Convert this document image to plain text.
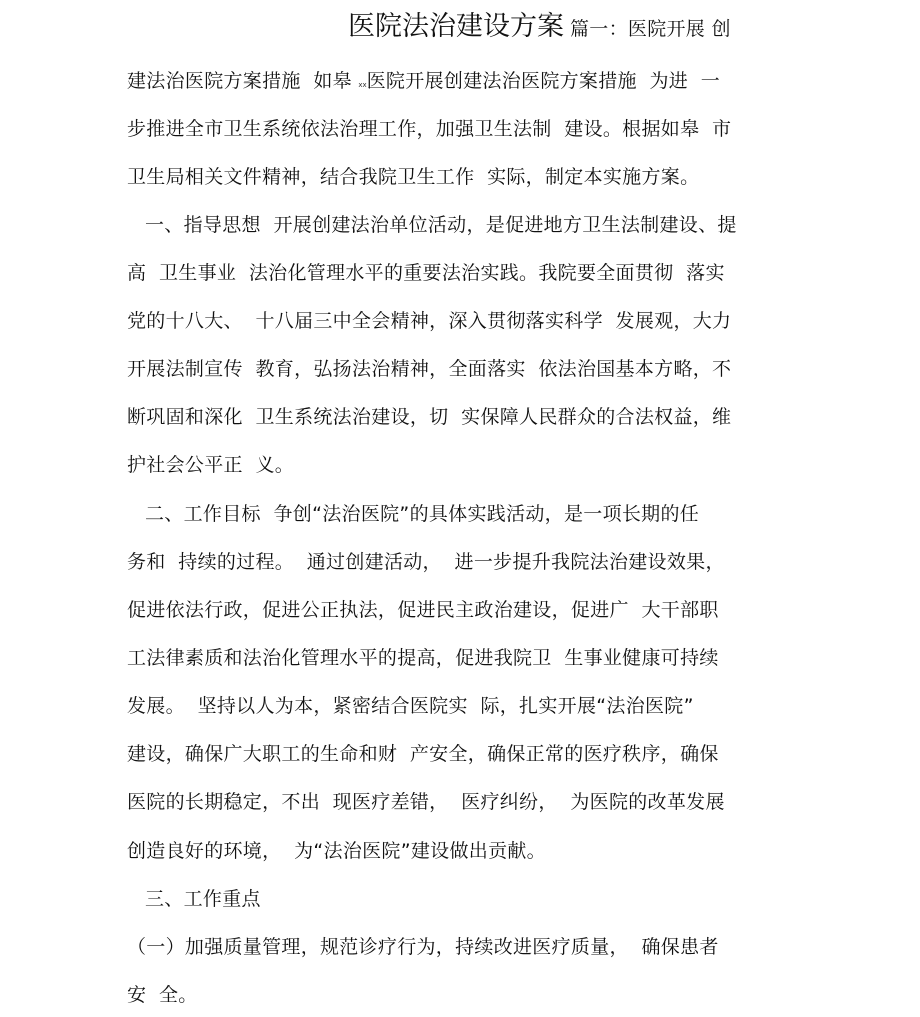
医院法治建设方案 篇一：医院开展 创
建法治医院方案措施  如皋 xx医院开展创建法治医院方案措施  为进  一
步推进全市卫生系统依法治理工作，加强卫生法制  建设。根据如皋  市
卫生局相关文件精神，结合我院卫生工作  实际，制定本实施方案。
一、指导思想  开展创建法治单位活动，是促进地方卫生法制建设、提
高  卫生事业  法治化管理水平的重要法治实践。我院要全面贯彻  落实
党的十八大、  十八届三中全会精神，深入贯彻落实科学  发展观，大力
开展法制宣传  教育，弘扬法治精神，全面落实  依法治国基本方略，不
断巩固和深化  卫生系统法治建设，切  实保障人民群众的合法权益，维
护社会公平正  义。
二、工作目标  争创“法治医院”的具体实践活动，是一项长期的任
务和  持续的过程。  通过创建活动，  进一步提升我院法治建设效果，
促进依法行政，促进公正执法，促进民主政治建设，促进广  大干部职
工法律素质和法治化管理水平的提高，促进我院卫  生事业健康可持续
发展。  坚持以人为本，紧密结合医院实  际，扎实开展“法治医院”
建设，确保广大职工的生命和财  产安全，确保正常的医疗秩序，确保
医院的长期稳定，不出  现医疗差错，  医疗纠纷，  为医院的改革发展
创造良好的环境，  为“法治医院”建设做出贡献。
三、工作重点
（一）加强质量管理，规范诊疗行为，持续改进医疗质量，  确保患者
安  全。
